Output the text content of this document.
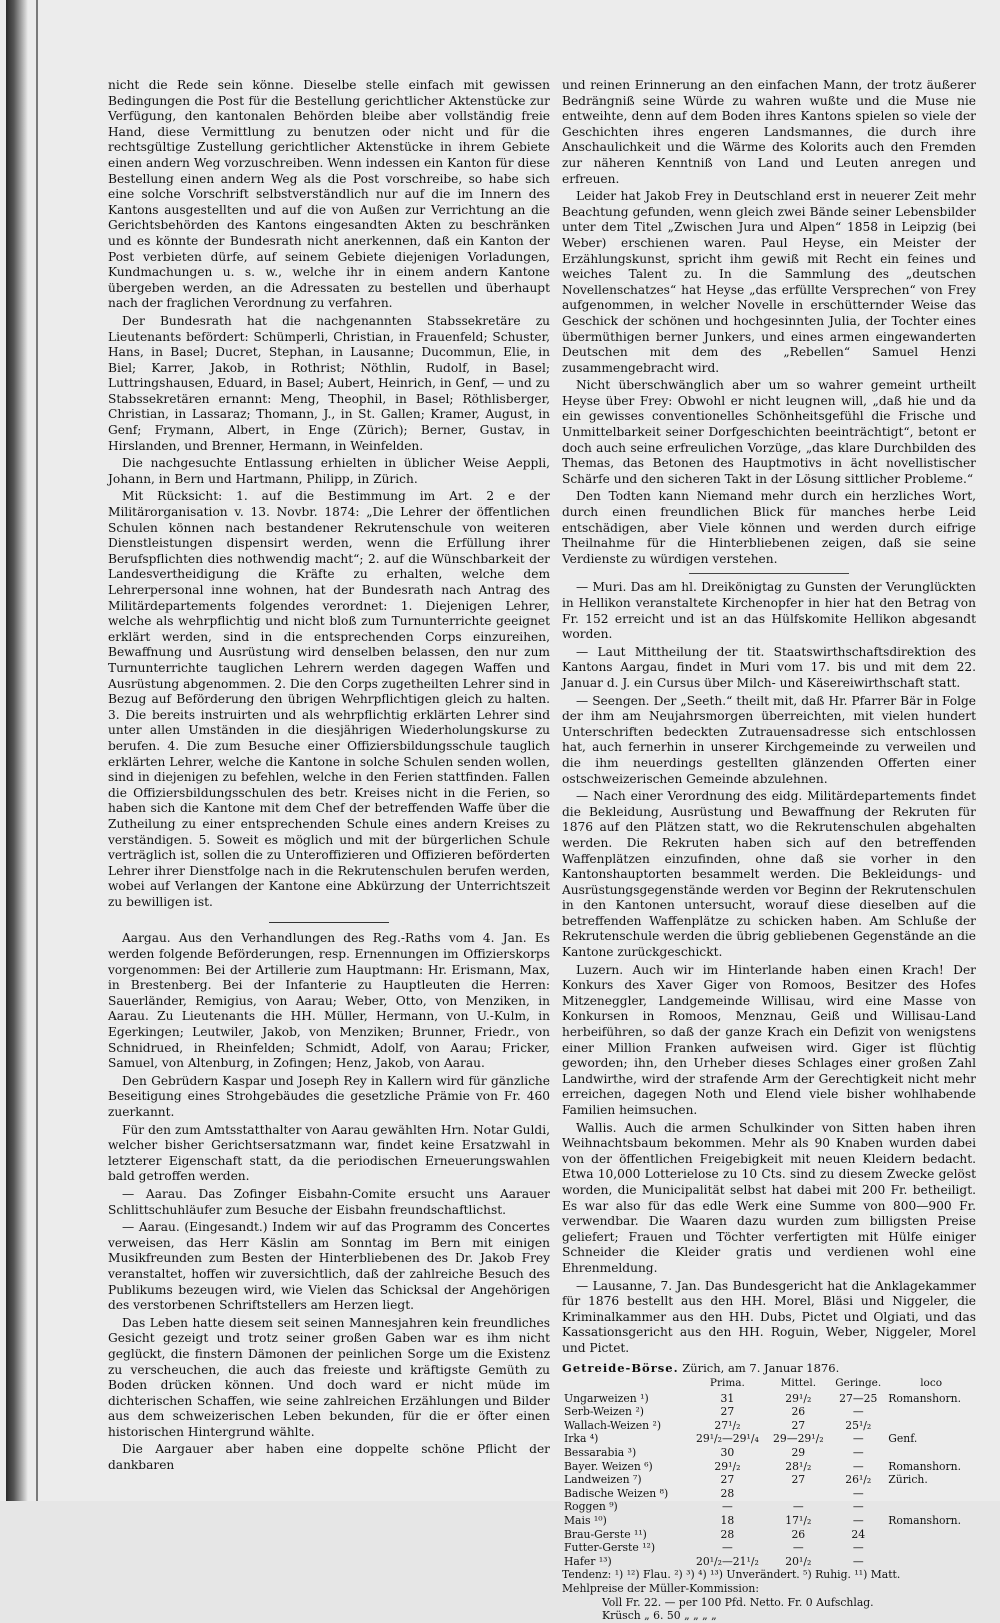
nicht die Rede sein könne. Dieselbe stelle einfach mit gewissen Bedingungen die Post für die Bestellung gerichtlicher Aktenstücke zur Verfügung, den kantonalen Behörden bleibe aber vollständig freie Hand, diese Vermittlung zu benutzen oder nicht und für die rechtsgültige Zustellung gerichtlicher Aktenstücke in ihrem Gebiete einen andern Weg vorzuschreiben. Wenn indessen ein Kanton für diese Bestellung einen andern Weg als die Post vorschreibe, so habe sich eine solche Vorschrift selbstverständlich nur auf die im Innern des Kantons ausgestellten und auf die von Außen zur Verrichtung an die Gerichtsbehörden des Kantons eingesandten Akten zu beschränken und es könnte der Bundesrath nicht anerkennen, daß ein Kanton der Post verbieten dürfe, auf seinem Gebiete diejenigen Vorladungen, Kundmachungen u. s. w., welche ihr in einem andern Kantone übergeben werden, an die Adressaten zu bestellen und überhaupt nach der fraglichen Verordnung zu verfahren.

Der Bundesrath hat die nachgenannten Stabssekretäre zu Lieutenants befördert: Schümperli, Christian, in Frauenfeld; Schuster, Hans, in Basel; Ducret, Stephan, in Lausanne; Ducommun, Elie, in Biel; Karrer, Jakob, in Rothrist; Nöthlin, Rudolf, in Basel; Luttringshausen, Eduard, in Basel; Aubert, Heinrich, in Genf, — und zu Stabssekretären ernannt: Meng, Theophil, in Basel; Röthlisberger, Christian, in Lassaraz; Thomann, J., in St. Gallen; Kramer, August, in Genf; Frymann, Albert, in Enge (Zürich); Berner, Gustav, in Hirslanden, und Brenner, Hermann, in Weinfelden.

Die nachgesuchte Entlassung erhielten in üblicher Weise Aeppli, Johann, in Bern und Hartmann, Philipp, in Zürich.

Mit Rücksicht: 1. auf die Bestimmung im Art. 2 e der Militärorganisation v. 13. Novbr. 1874: „Die Lehrer der öffentlichen Schulen können nach bestandener Rekrutenschule von weiteren Dienstleistungen dispensirt werden, wenn die Erfüllung ihrer Berufspflichten dies nothwendig macht“; 2. auf die Wünschbarkeit der Landesvertheidigung die Kräfte zu erhalten, welche dem Lehrerpersonal inne wohnen, hat der Bundesrath nach Antrag des Militärdepartements folgendes verordnet: 1. Diejenigen Lehrer, welche als wehrpflichtig und nicht bloß zum Turnunterrichte geeignet erklärt werden, sind in die entsprechenden Corps einzureihen, Bewaffnung und Ausrüstung wird denselben belassen, den nur zum Turnunterrichte tauglichen Lehrern werden dagegen Waffen und Ausrüstung abgenommen. 2. Die den Corps zugetheilten Lehrer sind in Bezug auf Beförderung den übrigen Wehrpflichtigen gleich zu halten. 3. Die bereits instruirten und als wehrpflichtig erklärten Lehrer sind unter allen Umständen in die diesjährigen Wiederholungskurse zu berufen. 4. Die zum Besuche einer Offiziersbildungsschule tauglich erklärten Lehrer, welche die Kantone in solche Schulen senden wollen, sind in diejenigen zu befehlen, welche in den Ferien stattfinden. Fallen die Offiziersbildungsschulen des betr. Kreises nicht in die Ferien, so haben sich die Kantone mit dem Chef der betreffenden Waffe über die Zutheilung zu einer entsprechenden Schule eines andern Kreises zu verständigen. 5. Soweit es möglich und mit der bürgerlichen Schule verträglich ist, sollen die zu Unteroffizieren und Offizieren beförderten Lehrer ihrer Dienstfolge nach in die Rekrutenschulen berufen werden, wobei auf Verlangen der Kantone eine Abkürzung der Unterrichtszeit zu bewilligen ist.

Aargau. Aus den Verhandlungen des Reg.-Raths vom 4. Jan. Es werden folgende Beförderungen, resp. Ernennungen im Offizierskorps vorgenommen: Bei der Artillerie zum Hauptmann: Hr. Erismann, Max, in Brestenberg. Bei der Infanterie zu Hauptleuten die Herren: Sauerländer, Remigius, von Aarau; Weber, Otto, von Menziken, in Aarau. Zu Lieutenants die HH. Müller, Hermann, von U.-Kulm, in Egerkingen; Leutwiler, Jakob, von Menziken; Brunner, Friedr., von Schnidrued, in Rheinfelden; Schmidt, Adolf, von Aarau; Fricker, Samuel, von Altenburg, in Zofingen; Henz, Jakob, von Aarau.

Den Gebrüdern Kaspar und Joseph Rey in Kallern wird für gänzliche Beseitigung eines Strohgebäudes die gesetzliche Prämie von Fr. 460 zuerkannt.

Für den zum Amtsstatthalter von Aarau gewählten Hrn. Notar Guldi, welcher bisher Gerichtsersatzmann war, findet keine Ersatzwahl in letzterer Eigenschaft statt, da die periodischen Erneuerungswahlen bald getroffen werden.

— Aarau. Das Zofinger Eisbahn-Comite ersucht uns Aarauer Schlittschuhläufer zum Besuche der Eisbahn freundschaftlichst.

— Aarau. (Eingesandt.) Indem wir auf das Programm des Concertes verweisen, das Herr Käslin am Sonntag im Bern mit einigen Musikfreunden zum Besten der Hinterbliebenen des Dr. Jakob Frey veranstaltet, hoffen wir zuversichtlich, daß der zahlreiche Besuch des Publikums bezeugen wird, wie Vielen das Schicksal der Angehörigen des verstorbenen Schriftstellers am Herzen liegt.

Das Leben hatte diesem seit seinen Mannesjahren kein freundliches Gesicht gezeigt und trotz seiner großen Gaben war es ihm nicht geglückt, die finstern Dämonen der peinlichen Sorge um die Existenz zu verscheuchen, die auch das freieste und kräftigste Gemüth zu Boden drücken können. Und doch ward er nicht müde im dichterischen Schaffen, wie seine zahlreichen Erzählungen und Bilder aus dem schweizerischen Leben bekunden, für die er öfter einen historischen Hintergrund wählte.

Die Aargauer aber haben eine doppelte schöne Pflicht der dankbaren

und reinen Erinnerung an den einfachen Mann, der trotz äußerer Bedrängniß seine Würde zu wahren wußte und die Muse nie entweihte, denn auf dem Boden ihres Kantons spielen so viele der Geschichten ihres engeren Landsmannes, die durch ihre Anschaulichkeit und die Wärme des Kolorits auch den Fremden zur näheren Kenntniß von Land und Leuten anregen und erfreuen.

Leider hat Jakob Frey in Deutschland erst in neuerer Zeit mehr Beachtung gefunden, wenn gleich zwei Bände seiner Lebensbilder unter dem Titel „Zwischen Jura und Alpen“ 1858 in Leipzig (bei Weber) erschienen waren. Paul Heyse, ein Meister der Erzählungskunst, spricht ihm gewiß mit Recht ein feines und weiches Talent zu. In die Sammlung des „deutschen Novellenschatzes“ hat Heyse „das erfüllte Versprechen“ von Frey aufgenommen, in welcher Novelle in erschütternder Weise das Geschick der schönen und hochgesinnten Julia, der Tochter eines übermüthigen berner Junkers, und eines armen eingewanderten Deutschen mit dem des „Rebellen“ Samuel Henzi zusammengebracht wird.

Nicht überschwänglich aber um so wahrer gemeint urtheilt Heyse über Frey: Obwohl er nicht leugnen will, „daß hie und da ein gewisses conventionelles Schönheitsgefühl die Frische und Unmittelbarkeit seiner Dorfgeschichten beeinträchtigt“, betont er doch auch seine erfreulichen Vorzüge, „das klare Durchbilden des Themas, das Betonen des Hauptmotivs in ächt novellistischer Schärfe und den sicheren Takt in der Lösung sittlicher Probleme.“

Den Todten kann Niemand mehr durch ein herzliches Wort, durch einen freundlichen Blick für manches herbe Leid entschädigen, aber Viele können und werden durch eifrige Theilnahme für die Hinterbliebenen zeigen, daß sie seine Verdienste zu würdigen verstehen.

— Muri. Das am hl. Dreikönigtag zu Gunsten der Verunglückten in Hellikon veranstaltete Kirchenopfer in hier hat den Betrag von Fr. 152 erreicht und ist an das Hülfskomite Hellikon abgesandt worden.

— Laut Mittheilung der tit. Staatswirthschaftsdirektion des Kantons Aargau, findet in Muri vom 17. bis und mit dem 22. Januar d. J. ein Cursus über Milch- und Käsereiwirthschaft statt.

— Seengen. Der „Seeth.“ theilt mit, daß Hr. Pfarrer Bär in Folge der ihm am Neujahrsmorgen überreichten, mit vielen hundert Unterschriften bedeckten Zutrauensadresse sich entschlossen hat, auch fernerhin in unserer Kirchgemeinde zu verweilen und die ihm neuerdings gestellten glänzenden Offerten einer ostschweizerischen Gemeinde abzulehnen.

— Nach einer Verordnung des eidg. Militärdepartements findet die Bekleidung, Ausrüstung und Bewaffnung der Rekruten für 1876 auf den Plätzen statt, wo die Rekrutenschulen abgehalten werden. Die Rekruten haben sich auf den betreffenden Waffenplätzen einzufinden, ohne daß sie vorher in den Kantonshauptorten besammelt werden. Die Bekleidungs- und Ausrüstungsgegenstände werden vor Beginn der Rekrutenschulen in den Kantonen untersucht, worauf diese dieselben auf die betreffenden Waffenplätze zu schicken haben. Am Schluße der Rekrutenschule werden die übrig gebliebenen Gegenstände an die Kantone zurückgeschickt.

Luzern. Auch wir im Hinterlande haben einen Krach! Der Konkurs des Xaver Giger von Romoos, Besitzer des Hofes Mitzeneggler, Landgemeinde Willisau, wird eine Masse von Konkursen in Romoos, Menznau, Geiß und Willisau-Land herbeiführen, so daß der ganze Krach ein Defizit von wenigstens einer Million Franken aufweisen wird. Giger ist flüchtig geworden; ihn, den Urheber dieses Schlages einer großen Zahl Landwirthe, wird der strafende Arm der Gerechtigkeit nicht mehr erreichen, dagegen Noth und Elend viele bisher wohlhabende Familien heimsuchen.

Wallis. Auch die armen Schulkinder von Sitten haben ihren Weihnachtsbaum bekommen. Mehr als 90 Knaben wurden dabei von der öffentlichen Freigebigkeit mit neuen Kleidern bedacht. Etwa 10,000 Lotterielose zu 10 Cts. sind zu diesem Zwecke gelöst worden, die Municipalität selbst hat dabei mit 200 Fr. betheiligt. Es war also für das edle Werk eine Summe von 800—900 Fr. verwendbar. Die Waaren dazu wurden zum billigsten Preise geliefert; Frauen und Töchter verfertigten mit Hülfe einiger Schneider die Kleider gratis und verdienen wohl eine Ehrenmeldung.

— Lausanne, 7. Jan. Das Bundesgericht hat die Anklagekammer für 1876 bestellt aus den HH. Morel, Bläsi und Niggeler, die Kriminalkammer aus den HH. Dubs, Pictet und Olgiati, und das Kassationsgericht aus den HH. Roguin, Weber, Niggeler, Morel und Pictet.

Getreide-Börse. Zürich, am 7. Januar 1876.
	Prima.	Mittel.	Geringe.	loco
Ungarweizen ¹)	31	29¹/₂	27—25	Romanshorn.
Serb-Weizen ²)	27	26	—	
Wallach-Weizen ²)	27¹/₂	27	25¹/₂	
Irka ⁴)	29¹/₂—29¹/₄	29—29¹/₂	—	Genf.
Bessarabia ³)	30	29	—	
Bayer. Weizen ⁶)	29¹/₂	28¹/₂	—	Romanshorn.
Landweizen ⁷)	27	27	26¹/₂	Zürich.
Badische Weizen ⁸)	28		—	
Roggen ⁹)	—	—	—	
Mais ¹⁰)	18	17¹/₂	—	Romanshorn.
Brau-Gerste ¹¹)	28	26	24	
Futter-Gerste ¹²)	—	—	—	
Hafer ¹³)	20¹/₂—21¹/₂	20¹/₂	—	
Tendenz: ¹) ¹²) Flau. ²) ³) ⁴) ¹³) Unverändert. ⁵) Ruhig. ¹¹) Matt.
Mehlpreise der Müller-Kommission:
Voll Fr. 22. — per 100 Pfd. Netto. Fr. 0 Aufschlag.
Krüsch „ 6. 50 „ „ „ „
